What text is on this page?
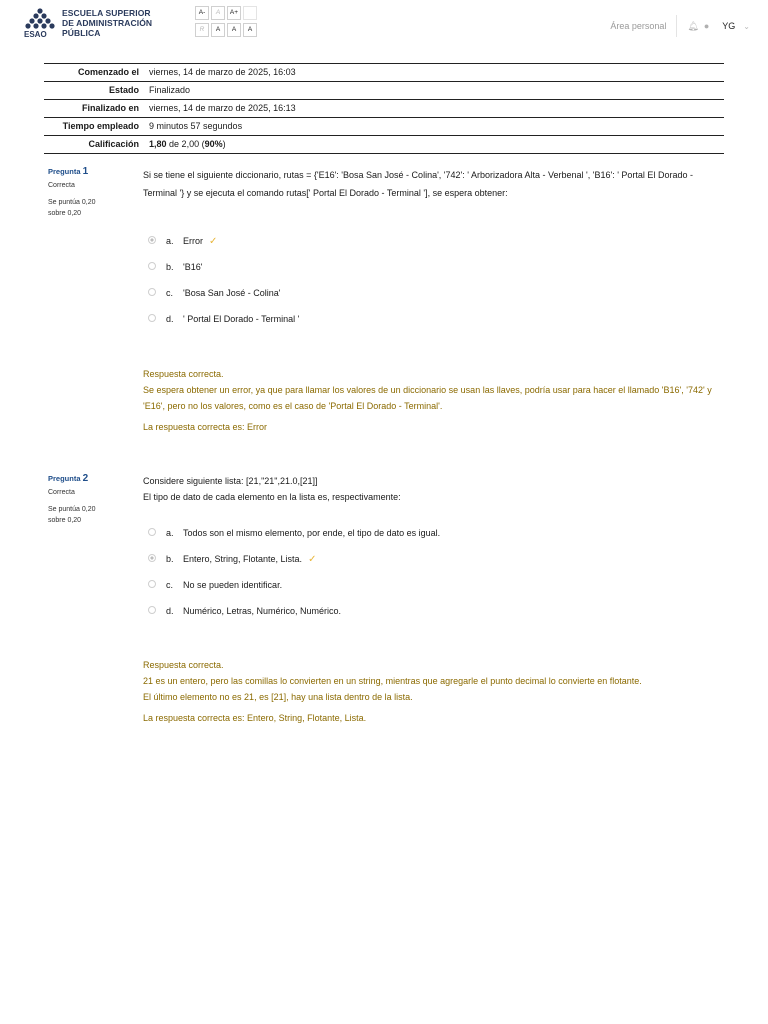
ESAO
ESCUELA SUPERIOR
DE ADMINISTRACIÓN
PÚBLICA
A-	A	A+
R	A	A	A	Área personal 🔔︎ ● YG ⌄
Comenzado el	viernes, 14 de marzo de 2025, 16:03
Estado	Finalizado
Finalizado en	viernes, 14 de marzo de 2025, 16:13
Tiempo empleado	9 minutos 57 segundos
Calificación	1,80 de 2,00 (90%)
Pregunta 1
Correcta
Se puntúa 0,20
sobre 0,20
Si se tiene el siguiente diccionario, rutas = {'E16': 'Bosa San José - Colina', '742': ' Arborizadora Alta - Verbenal ', 'B16': ' Portal El Dorado - Terminal '} y se ejecuta el comando rutas[' Portal El Dorado - Terminal '], se espera obtener:
a.	Error ✓
b.	'B16'
c.	'Bosa San José - Colina'
d.	' Portal El Dorado - Terminal '
Respuesta correcta.
Se espera obtener un error, ya que para llamar los valores de un diccionario se usan las llaves, podría usar para hacer el llamado 'B16', '742' y 'E16', pero no los valores, como es el caso de 'Portal El Dorado - Terminal'.
La respuesta correcta es: Error
Pregunta 2
Correcta
Se puntúa 0,20
sobre 0,20
Considere siguiente lista: [21,"21",21.0,[21]]
El tipo de dato de cada elemento en la lista es, respectivamente:
a.	Todos son el mismo elemento, por ende, el tipo de dato es igual.
b.	Entero, String, Flotante, Lista. ✓
c.	No se pueden identificar.
d.	Numérico, Letras, Numérico, Numérico.
Respuesta correcta.
21 es un entero, pero las comillas lo convierten en un string, mientras que agregarle el punto decimal lo convierte en flotante.
El último elemento no es 21, es [21], hay una lista dentro de la lista.
La respuesta correcta es: Entero, String, Flotante, Lista.
